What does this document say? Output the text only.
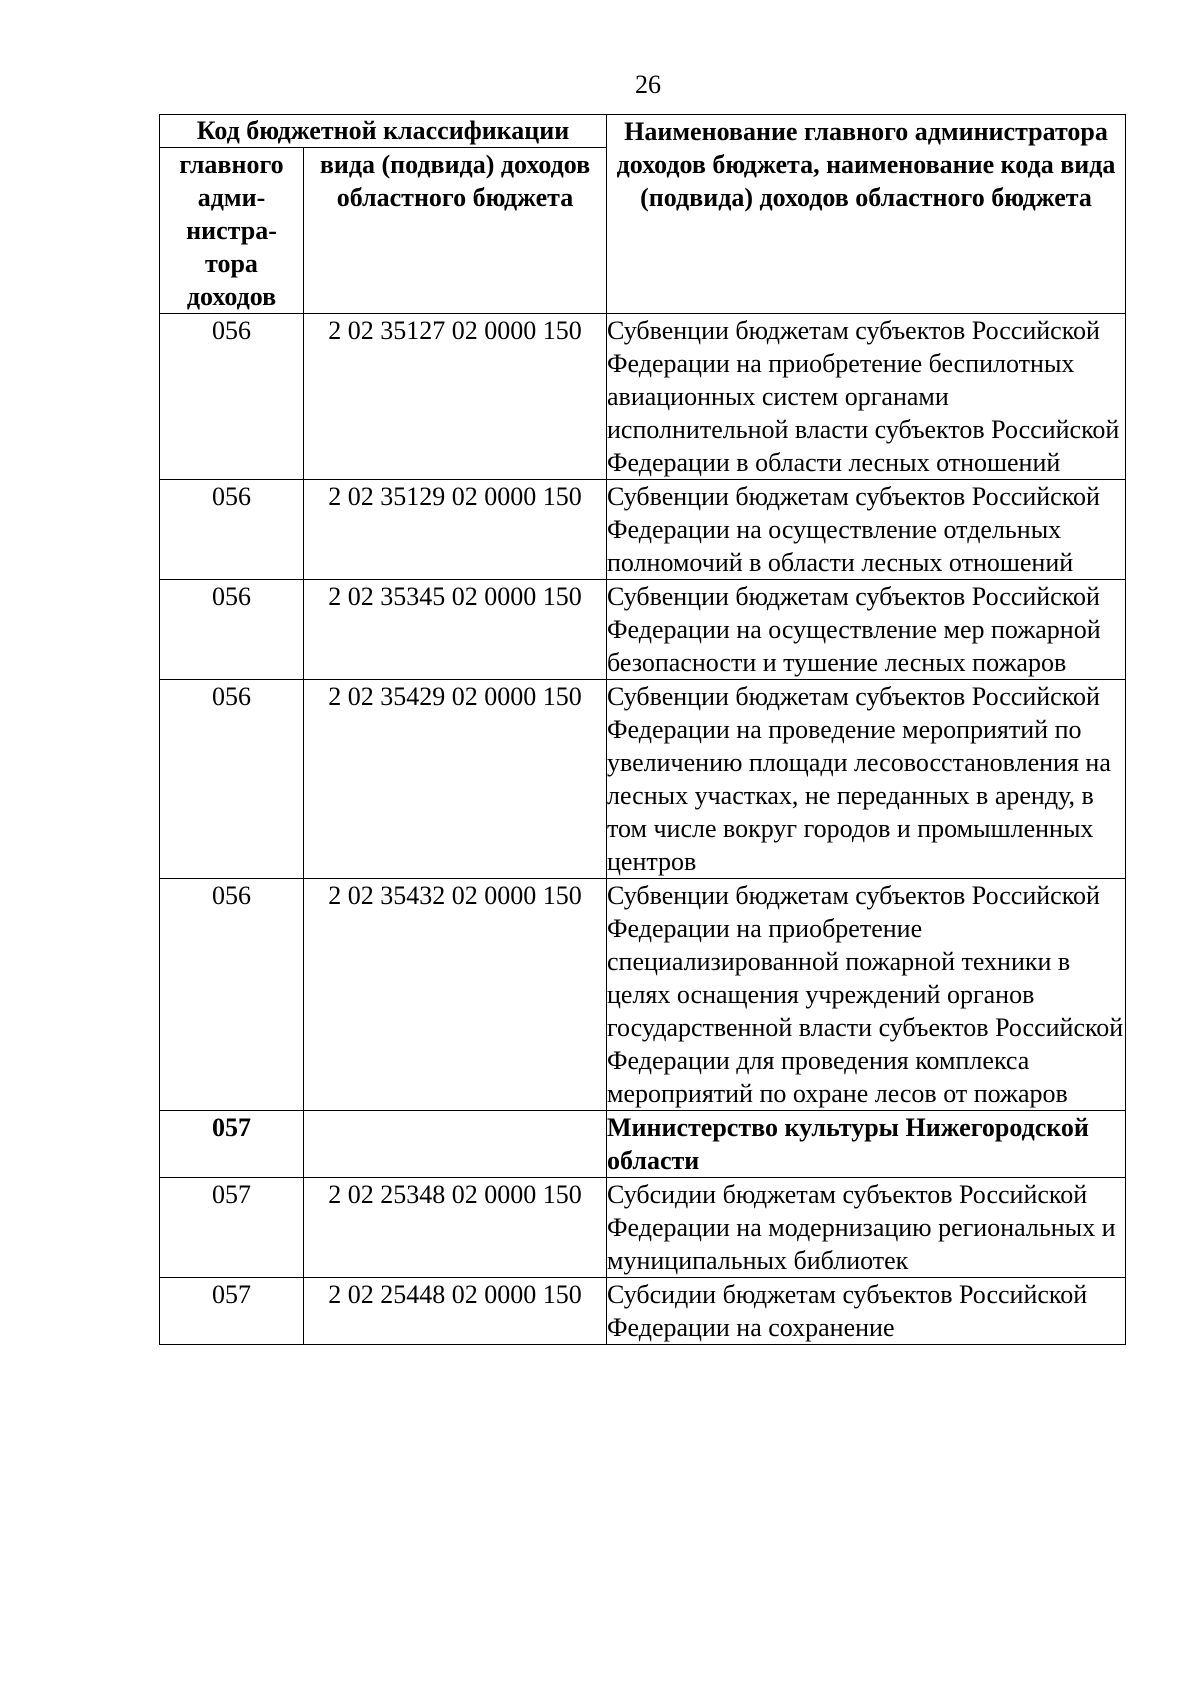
26
Код бюджетной классификации		Наименование главного администратора доходов бюджета, наименование кода вида (подвида) доходов областного бюджета
главного адми-нистра-тора доходов	вида (подвида) доходов областного бюджета	
056	2 02 35127 02 0000 150	Субвенции бюджетам субъектов Российской Федерации на приобретение беспилотных авиационных систем органами исполнительной власти субъектов Российской Федерации в области лесных отношений
056	2 02 35129 02 0000 150	Субвенции бюджетам субъектов Российской Федерации на осуществление отдельных полномочий в области лесных отношений
056	2 02 35345 02 0000 150	Субвенции бюджетам субъектов Российской Федерации на осуществление мер пожарной безопасности и тушение лесных пожаров
056	2 02 35429 02 0000 150	Субвенции бюджетам субъектов Российской Федерации на проведение мероприятий по увеличению площади лесовосстановления на лесных участках, не переданных в аренду, в том числе вокруг городов и промышленных центров
056	2 02 35432 02 0000 150	Субвенции бюджетам субъектов Российской Федерации на приобретение специализированной пожарной техники в целях оснащения учреждений органов государственной власти субъектов Российской Федерации для проведения комплекса мероприятий по охране лесов от пожаров
057		Министерство культуры Нижегородской области
057	2 02 25348 02 0000 150	Субсидии бюджетам субъектов Российской Федерации на модернизацию региональных и муниципальных библиотек
057	2 02 25448 02 0000 150	Субсидии бюджетам субъектов Российской Федерации на сохранение
